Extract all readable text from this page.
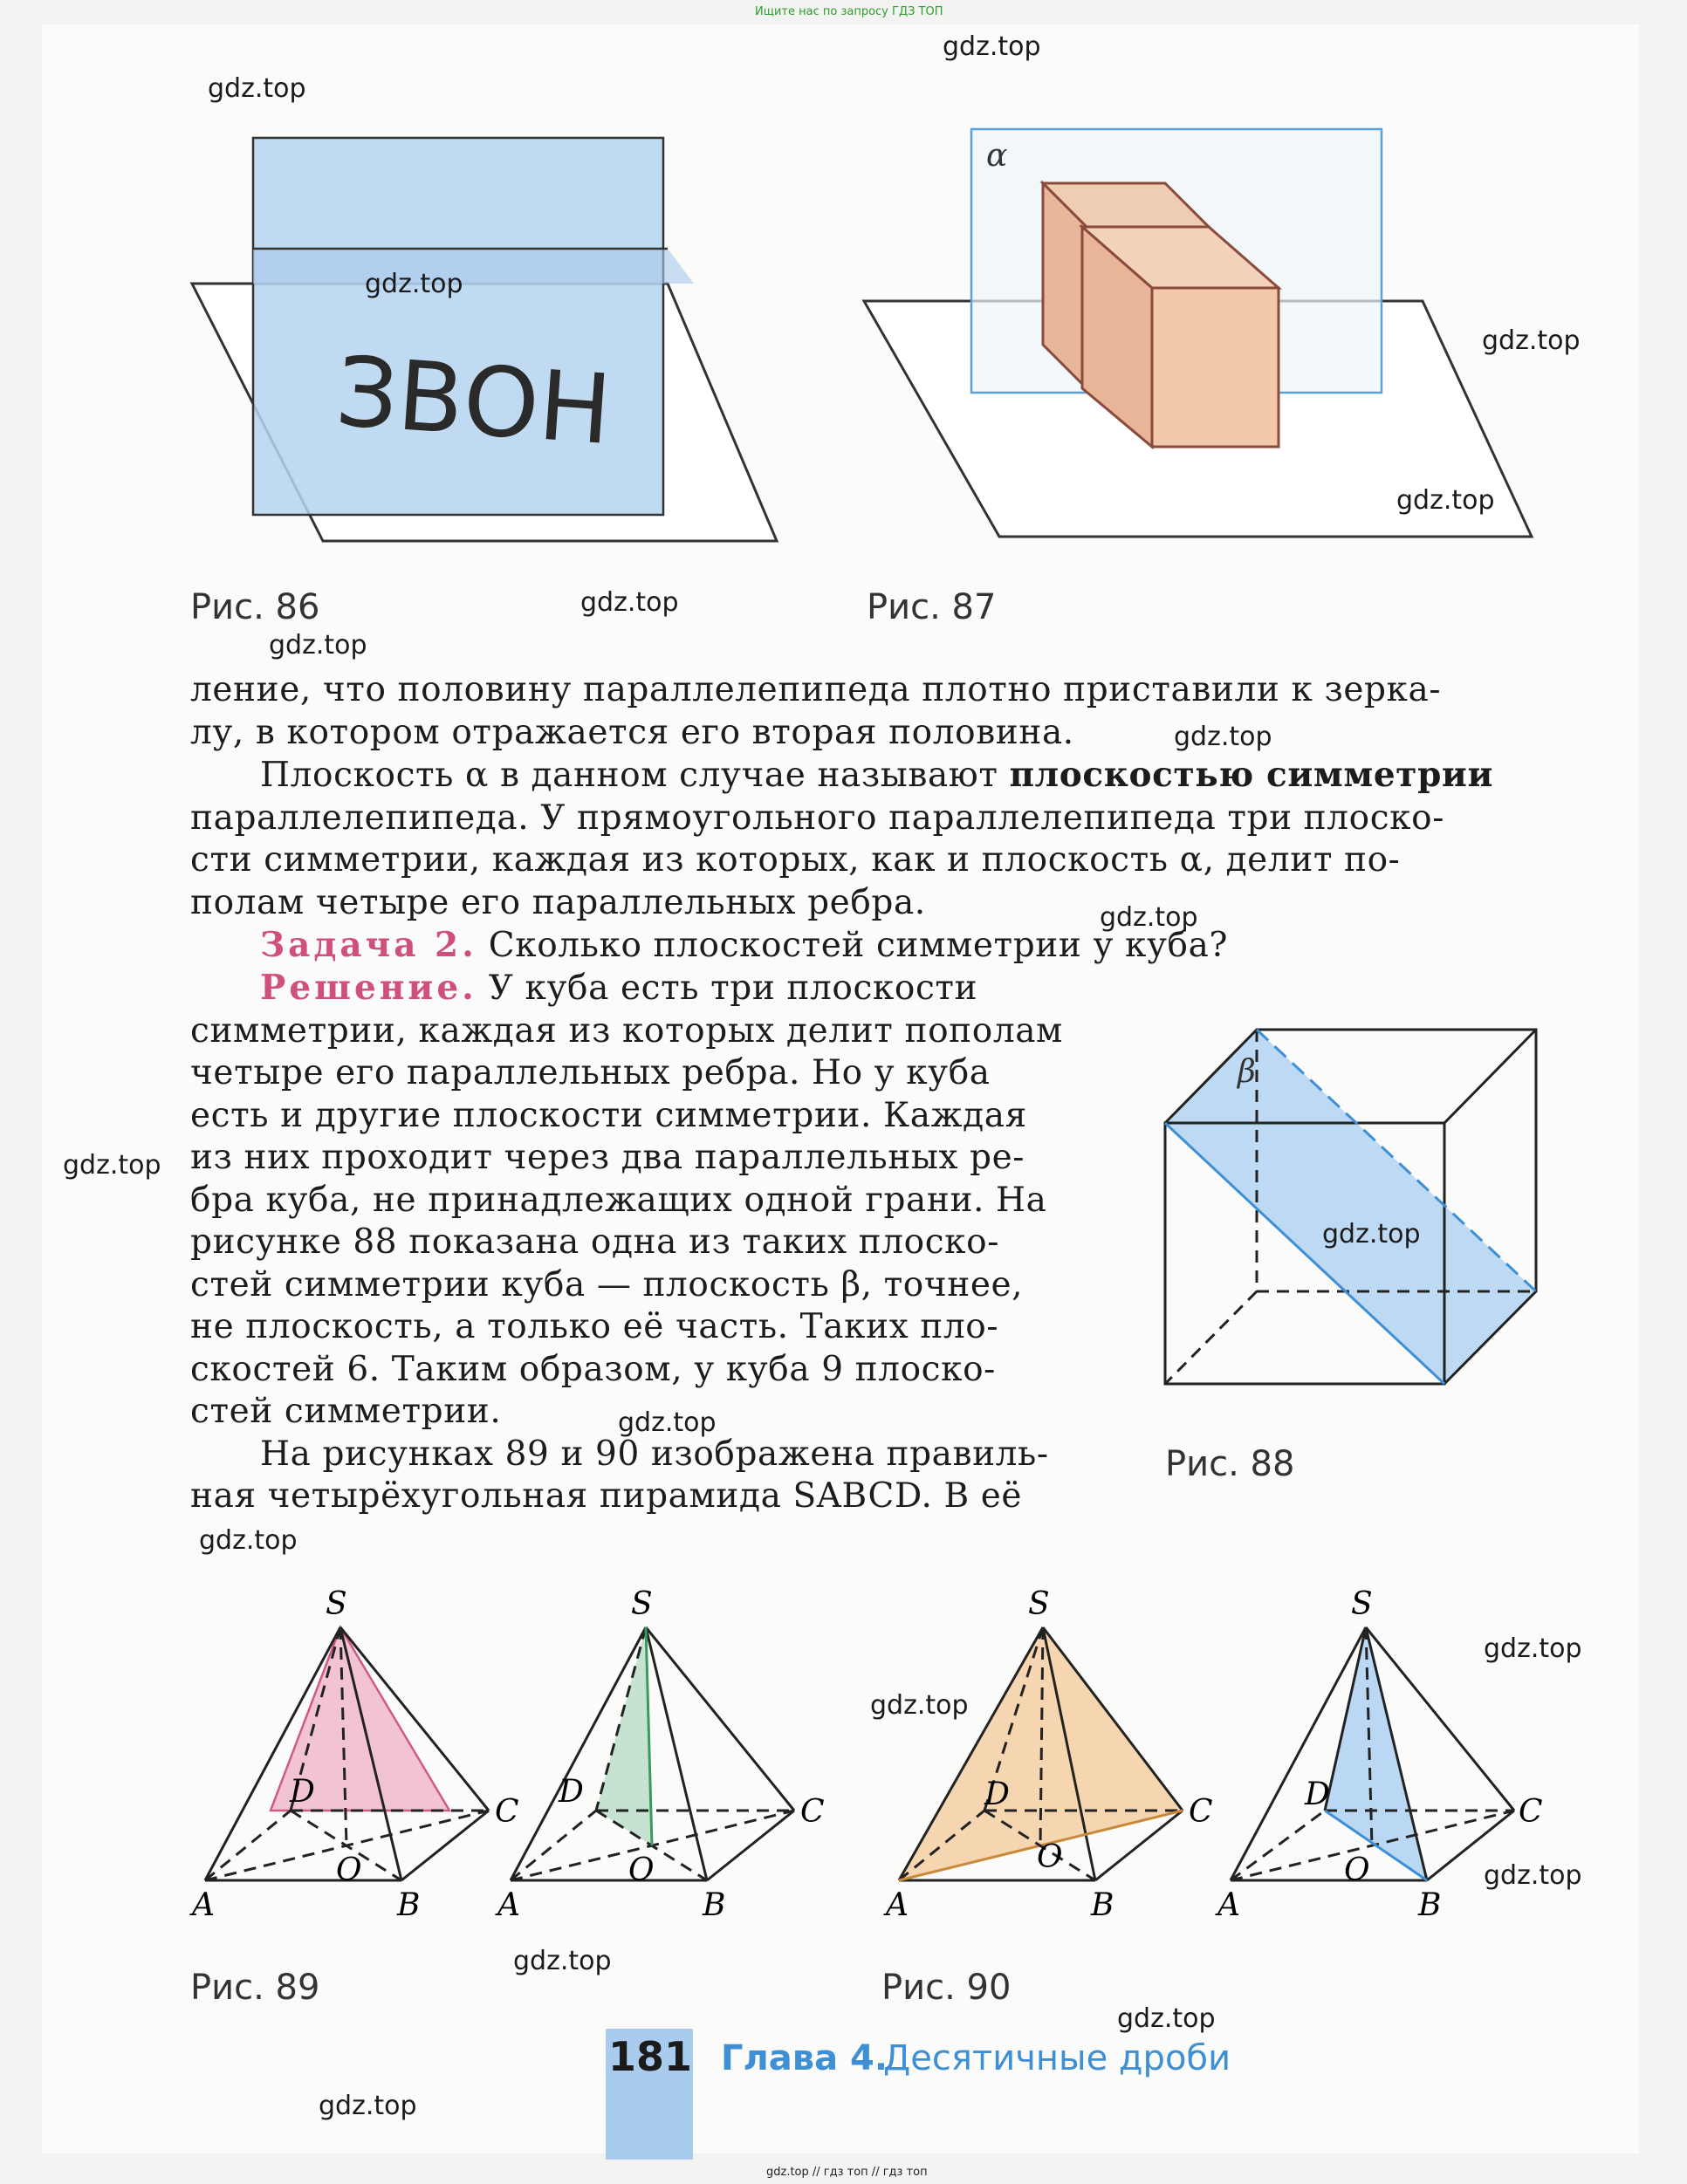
Ищите нас по запросу ГДЗ ТОП
gdz.top // гдз топ // гдз топ
ЗВОН
Рис. 86
α
Рис. 87

ление, что половину параллелепипеда плотно приставили к зерка-

лу, в котором отражается его вторая половина.

Плоскость α в данном случае называют плоскостью симметрии

параллелепипеда. У прямоугольного параллелепипеда три плоско-

сти симметрии, каждая из которых, как и плоскость α, делит по-

полам четыре его параллельных ребра.

Задача 2. Сколько плоскостей симметрии у куба?

Решение. У куба есть три плоскости

симметрии, каждая из которых делит пополам

четыре его параллельных ребра. Но у куба

есть и другие плоскости симметрии. Каждая

из них проходит через два параллельных ре-

бра куба, не принадлежащих одной грани. На

рисунке 88 показана одна из таких плоско-

стей симметрии куба — плоскость β, точнее,

не плоскость, а только её часть. Таких пло-

скостей 6. Таким образом, у куба 9 плоско-

стей симметрии.

На рисунках 89 и 90 изображена правиль-

ная четырёхугольная пирамида SABCD. В её

β
Рис. 88
S
D
C
O
A	B
S
D
C
O
A	B
Рис. 89
S
D	C
O
A	B
S
D	C
O
A	B
Рис. 90
181 Глава 4.
Десятичные дроби
gdz.top
gdz.top
gdz.top
gdz.top
gdz.top
gdz.top
gdz.top
gdz.top
gdz.top
gdz.top
gdz.top
gdz.top
gdz.top
gdz.top
gdz.top
gdz.top
gdz.top
gdz.top
gdz.top
